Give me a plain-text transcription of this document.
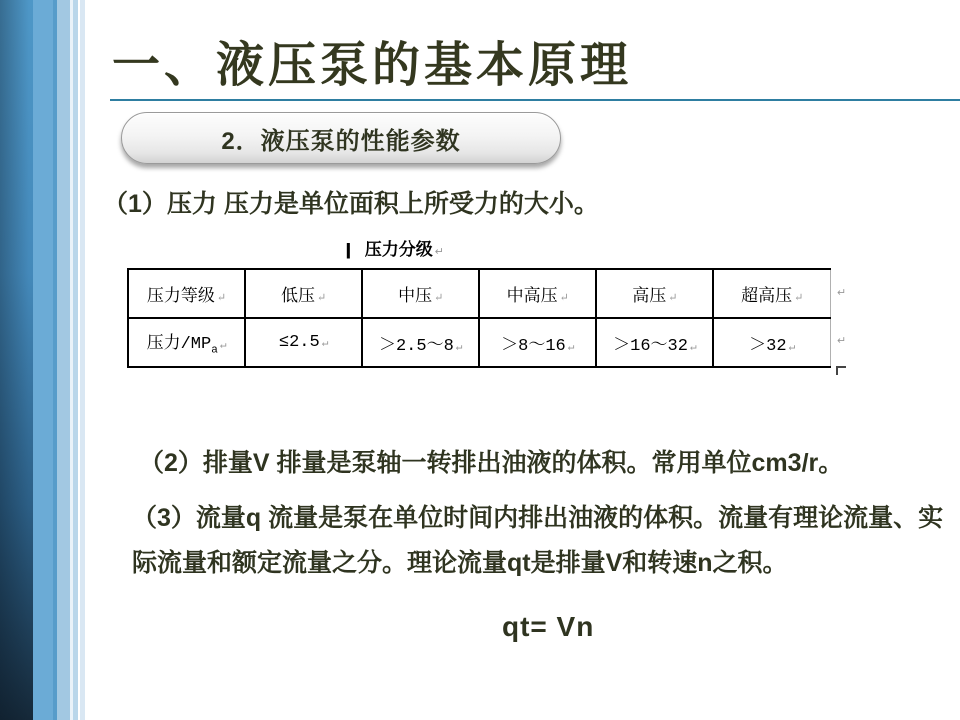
一、液压泵的基本原理
2．液压泵的性能参数
（1）压力 压力是单位面积上所受力的大小。
| 压力分级 ↵
压力等级 ↵	低压 ↵	中压 ↵	中高压 ↵	高压 ↵	超高压 ↵
压力$/MP_a$ ↵	≤2.5 ↵	＞2.5～8 ↵	＞8～16 ↵	＞16～32 ↵	＞32 ↵
↵
↵
（2）排量V 排量是泵轴一转排出油液的体积。常用单位cm3/r。
（3）流量q 流量是泵在单位时间内排出油液的体积。流量有理论流量、实际流量和额定流量之分。理论流量qt是排量V和转速n之积。
qt= Vn
